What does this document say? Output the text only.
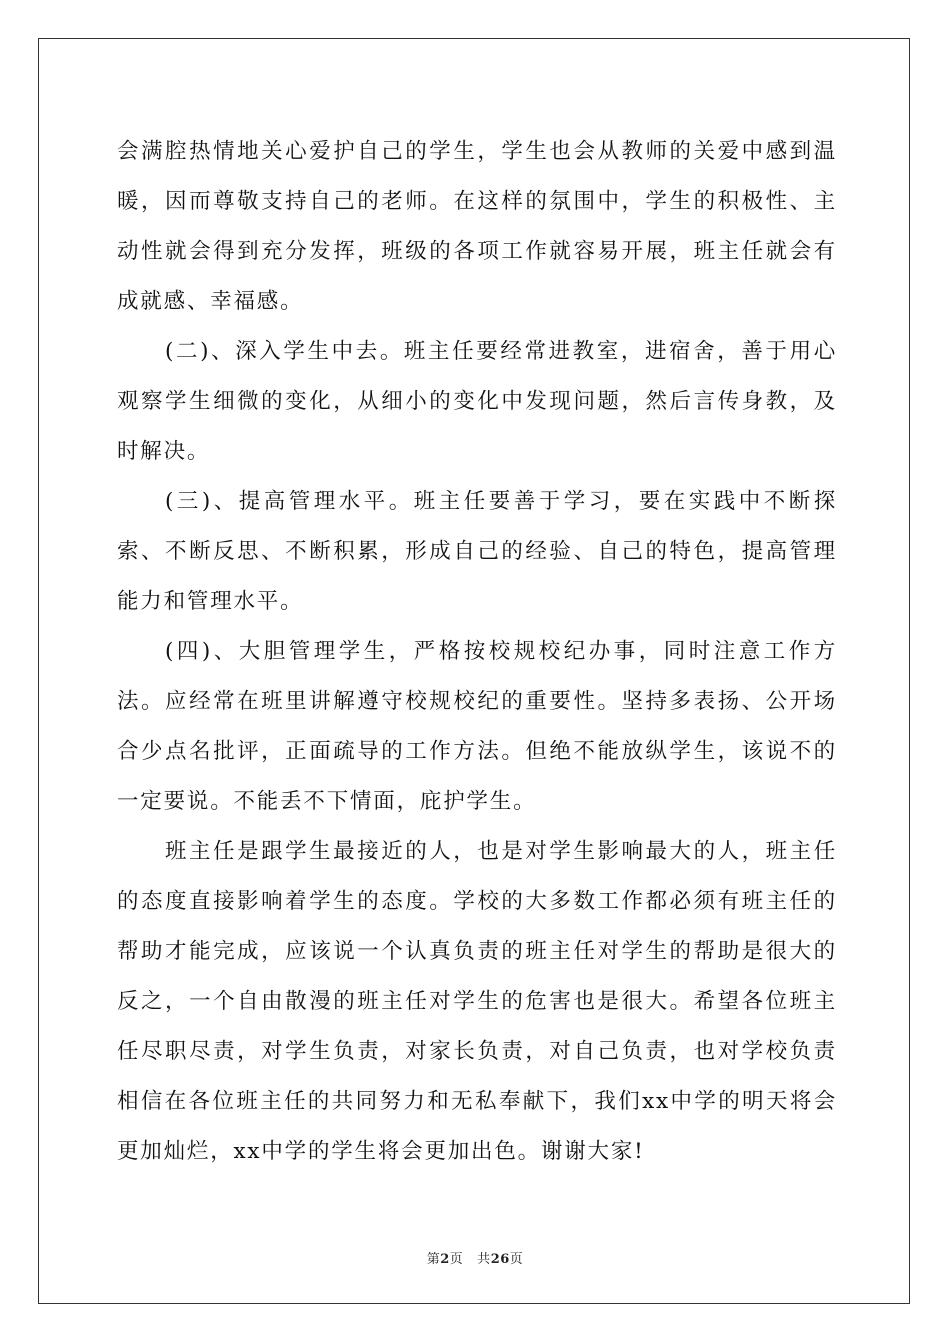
会满腔热情地关心爱护自己的学生，学生也会从教师的关爱中感到温暖，因而尊敬支持自己的老师。在这样的氛围中，学生的积极性、主动性就会得到充分发挥，班级的各项工作就容易开展，班主任就会有成就感、幸福感。

(二)、深入学生中去。班主任要经常进教室，进宿舍，善于用心观察学生细微的变化，从细小的变化中发现问题，然后言传身教，及时解决。

(三)、提高管理水平。班主任要善于学习，要在实践中不断探索、不断反思、不断积累，形成自己的经验、自己的特色，提高管理能力和管理水平。

(四)、大胆管理学生，严格按校规校纪办事，同时注意工作方法。应经常在班里讲解遵守校规校纪的重要性。坚持多表扬、公开场合少点名批评，正面疏导的工作方法。但绝不能放纵学生，该说不的一定要说。不能丢不下情面，庇护学生。

班主任是跟学生最接近的人，也是对学生影响最大的人，班主任的态度直接影响着学生的态度。学校的大多数工作都必须有班主任的帮助才能完成，应该说一个认真负责的班主任对学生的帮助是很大的反之，一个自由散漫的班主任对学生的危害也是很大。希望各位班主任尽职尽责，对学生负责，对家长负责，对自己负责，也对学校负责相信在各位班主任的共同努力和无私奉献下，我们xx中学的明天将会更加灿烂，xx中学的学生将会更加出色。谢谢大家!

第2页 共26页
